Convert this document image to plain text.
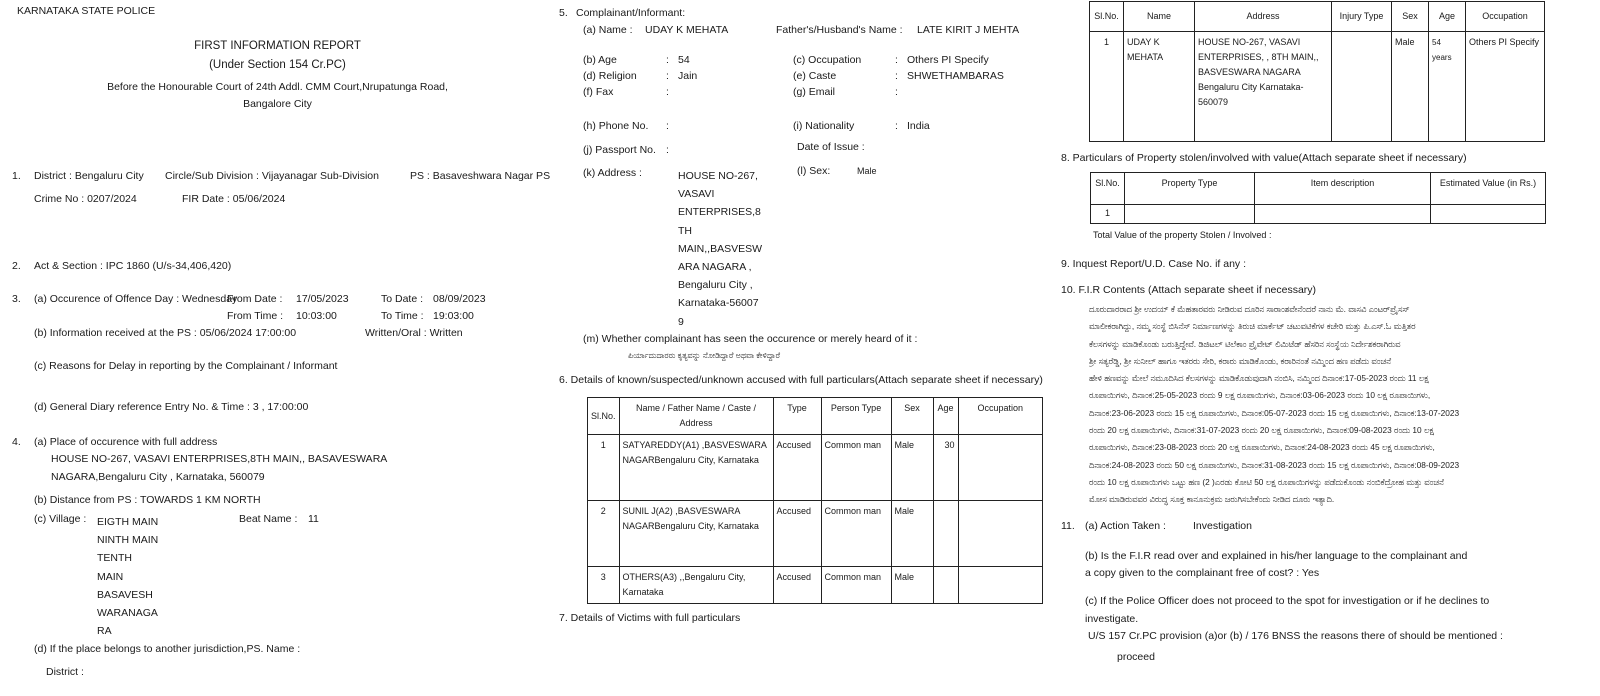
KARNATAKA STATE POLICE
FIRST INFORMATION REPORT
(Under Section 154 Cr.PC)
Before the Honourable Court of 24th Addl. CMM Court,Nrupatunga Road,
Bangalore City
1. District : Bengaluru City Circle/Sub Division : Vijayanagar Sub-Division	PS : Basaveshwara Nagar PS
Crime No : 0207/2024	FIR Date : 05/06/2024
2. Act & Section : IPC 1860 (U/s-34,406,420)
3. (a) Occurence of Offence Day : Wednesday
From Date : 17/05/2023	To Date : 08/09/2023
From Time : 10:03:00	To Time : 19:03:00
(b) Information received at the PS : 05/06/2024 17:00:00	Written/Oral : Written
(c) Reasons for Delay in reporting by the Complainant / Informant
(d) General Diary reference Entry No. & Time : 3 , 17:00:00
4. (a) Place of occurence with full address
HOUSE NO-267, VASAVI ENTERPRISES,8TH MAIN,, BASAVESWARA
NAGARA,Bengaluru City , Karnataka, 560079
(b) Distance from PS : TOWARDS 1 KM NORTH
(c) Village : EIGTH MAIN
NINTH MAIN
TENTH
MAIN
BASAVESH
WARANAGA
RA
Beat Name : 11
(d) If the place belongs to another jurisdiction,PS. Name :
District :
5. Complainant/Informant:
(a) Name : UDAY K MEHATA	Father's/Husband's Name : LATE KIRIT J MEHTA
(b) Age	: 54	(c) Occupation	: Others PI Specify
(d) Religion	: Jain	(e) Caste	: SHWETHAMBARAS
(f) Fax	:	(g) Email	:
(h) Phone No. :	(i) Nationality	: India
Date of Issue :
(j) Passport No. :
(k) Address :	HOUSE NO-267,
VASAVI
ENTERPRISES,8
TH
MAIN,,BASVESW
ARA NAGARA ,
Bengaluru City ,
Karnataka-56007
9
(l) Sex:	Male
(m) Whether complainant has seen the occurence or merely heard of it :
ಪಿರ್ಯಾದುದಾರರು ಕೃತ್ಯವನ್ನು ನೋಡಿದ್ದಾರೆ ಅಥವಾ ಕೇಳಿದ್ದಾರೆ
6. Details of known/suspected/unknown accused with full particulars(Attach separate sheet if necessary)
Sl.No.	Name / Father Name / Caste / Address	Type	Person Type	Sex	Age	Occupation
1	SATYAREDDY(A1) ,BASVESWARA NAGARBengaluru City, Karnataka	Accused	Common man	Male	30	
2	SUNIL J(A2) ,BASVESWARA NAGARBengaluru City, Karnataka	Accused	Common man	Male		
3	OTHERS(A3) ,,Bengaluru City, Karnataka	Accused	Common man	Male		
7. Details of Victims with full particulars
Sl.No.	Name	Address	Injury Type	Sex	Age	Occupation
1	UDAY K MEHATA	HOUSE NO-267, VASAVI ENTERPRISES, , 8TH MAIN,, BASVESWARA NAGARA Bengaluru City Karnataka-560079		Male	54 years	Others PI Specify
8. Particulars of Property stolen/involved with value(Attach separate sheet if necessary)
Sl.No.	Property Type	Item description	Estimated Value (in Rs.)
1			
Total Value of the property Stolen / Involved :
9. Inquest Report/U.D. Case No. if any :
10. F.I.R Contents (Attach separate sheet if necessary)
ದೂರುದಾರರಾದ ಶ್ರೀ ಉದಯ್ ಕೆ ಮೆಹತಾರವರು ನೀಡಿರುವ ದೂರಿನ ಸಾರಾಂಶವೇನೆಂದರೆ ನಾನು ಮೆ. ವಾಸವಿ ಎಂಟರ್‌ಪ್ರೈಸಸ್
ಮಾಲೀಕರಾಗಿದ್ದು, ನಮ್ಮ ಸಂಸ್ಥೆ ಬಿಸಿನೆಸ್ ನಿರ್ಮಾಣಗಳನ್ನು ತಿರುಚಿ ಮಾರ್ಕೆಟ್ ಚಟುವಟಿಕೆಗಳ ಕಚೇರಿ ಮತ್ತು ಪಿ.ಎಸ್.ಓ ಮತ್ತಿತರ
ಕೆಲಸಗಳನ್ನು ಮಾಡಿಕೊಂಡು ಬರುತ್ತಿದ್ದೇವೆ. ಡಿಜಿಟಲ್ ಟಿಲೆಕಾಂ ಪ್ರೈವೇಟ್ ಲಿಮಿಟೆಡ್ ಹೆಸರಿನ ಸಂಸ್ಥೆಯ ನಿರ್ದೇಶಕರಾಗಿರುವ
ಶ್ರೀ ಸತ್ಯರೆಡ್ಡಿ, ಶ್ರೀ ಸುನೀಲ್ ಹಾಗೂ ಇತರರು ಸೇರಿ, ಕರಾರು ಮಾಡಿಕೊಂಡು, ಕರಾರಿನಂತೆ ನಮ್ಮಿಂದ ಹಣ ಪಡೆದು ವಂಚನೆ
ಹೇಳಿ ಹಣವನ್ನು ಮೇಲೆ ನಮೂದಿಸಿದ ಕೆಲಸಗಳನ್ನು ಮಾಡಿಕೊಡುವುದಾಗಿ ನಂಬಿಸಿ, ನಮ್ಮಿಂದ ದಿನಾಂಕ:17-05-2023 ರಂದು 11 ಲಕ್ಷ
ರೂಪಾಯಿಗಳು, ದಿನಾಂಕ:25-05-2023 ರಂದು 9 ಲಕ್ಷ ರೂಪಾಯಿಗಳು, ದಿನಾಂಕ:03-06-2023 ರಂದು 10 ಲಕ್ಷ ರೂಪಾಯಿಗಳು,
ದಿನಾಂಕ:23-06-2023 ರಂದು 15 ಲಕ್ಷ ರೂಪಾಯಿಗಳು, ದಿನಾಂಕ:05-07-2023 ರಂದು 15 ಲಕ್ಷ ರೂಪಾಯಿಗಳು, ದಿನಾಂಕ:13-07-2023
ರಂದು 20 ಲಕ್ಷ ರೂಪಾಯಿಗಳು, ದಿನಾಂಕ:31-07-2023 ರಂದು 20 ಲಕ್ಷ ರೂಪಾಯಿಗಳು, ದಿನಾಂಕ:09-08-2023 ರಂದು 10 ಲಕ್ಷ
ರೂಪಾಯಿಗಳು, ದಿನಾಂಕ:23-08-2023 ರಂದು 20 ಲಕ್ಷ ರೂಪಾಯಿಗಳು, ದಿನಾಂಕ:24-08-2023 ರಂದು 45 ಲಕ್ಷ ರೂಪಾಯಿಗಳು,
ದಿನಾಂಕ:24-08-2023 ರಂದು 50 ಲಕ್ಷ ರೂಪಾಯಿಗಳು, ದಿನಾಂಕ:31-08-2023 ರಂದು 15 ಲಕ್ಷ ರೂಪಾಯಿಗಳು, ದಿನಾಂಕ:08-09-2023
ರಂದು 10 ಲಕ್ಷ ರೂಪಾಯಿಗಳು ಒಟ್ಟು ಹಣ (2 )ಎರಡು ಕೋಟಿ 50 ಲಕ್ಷ ರೂಪಾಯಿಗಳನ್ನು ಪಡೆದುಕೊಂಡು ನಂಬಿಕೆದ್ರೋಹ ಮತ್ತು ವಂಚನೆ
ಮೋಸ ಮಾಡಿರುವವರ ವಿರುದ್ಧ ಸೂಕ್ತ ಕಾನೂನುಕ್ರಮ ಜರುಗಿಸಬೇಕೆಂದು ನೀಡಿದ ದೂರು ಇತ್ಯಾದಿ.
11. (a) Action Taken :	Investigation
(b) Is the F.I.R read over and explained in his/her language to the complainant and
a copy given to the complainant free of cost? : Yes
(c) If the Police Officer does not proceed to the spot for investigation or if he declines to
investigate.
U/S 157 Cr.PC provision (a)or (b) / 176 BNSS the reasons there of should be mentioned :
proceed
